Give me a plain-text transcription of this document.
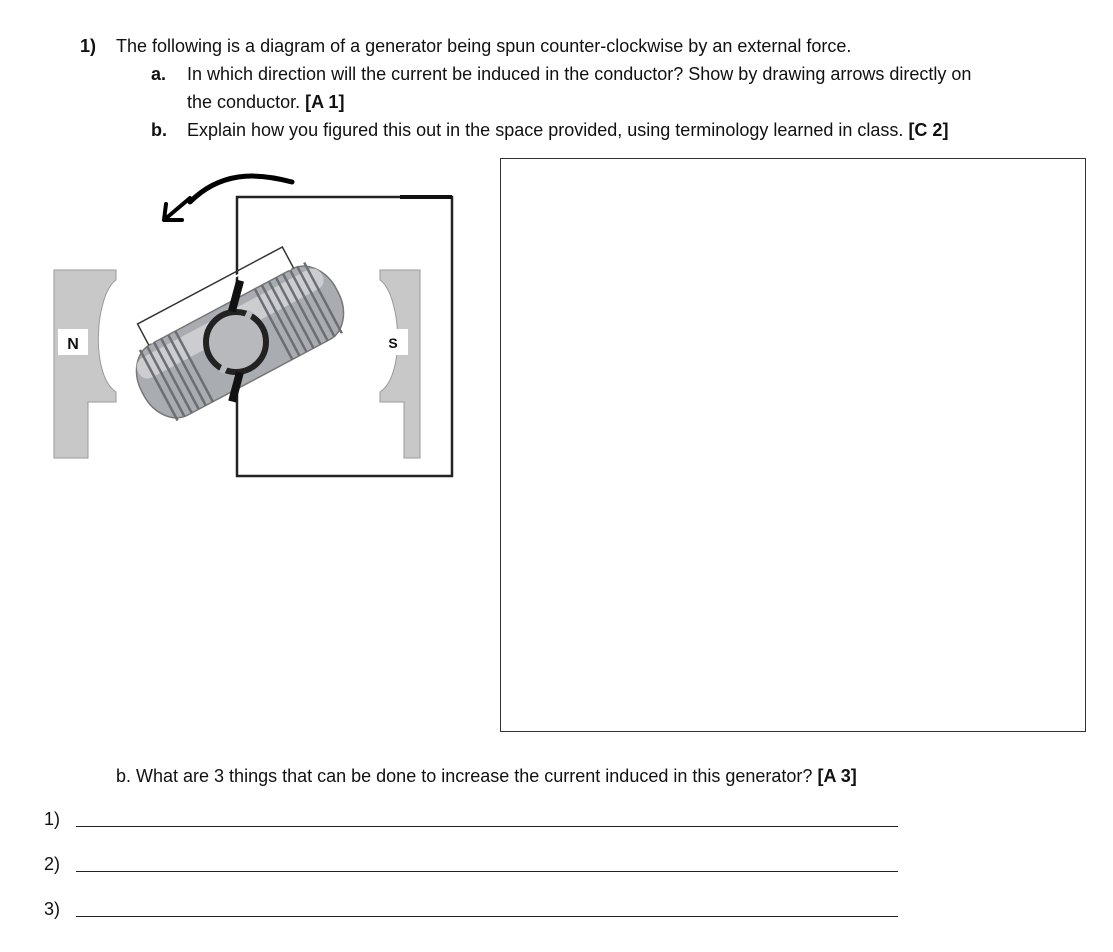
1) The following is a diagram of a generator being spun counter-clockwise by an external force.
a. In which direction will the current be induced in the conductor? Show by drawing arrows directly on
the conductor. [A 1]
b. Explain how you figured this out in the space provided, using terminology learned in class. [C 2]
N	S
b. What are 3 things that can be done to increase the current induced in this generator? [A 3]
1)
2)
3)
